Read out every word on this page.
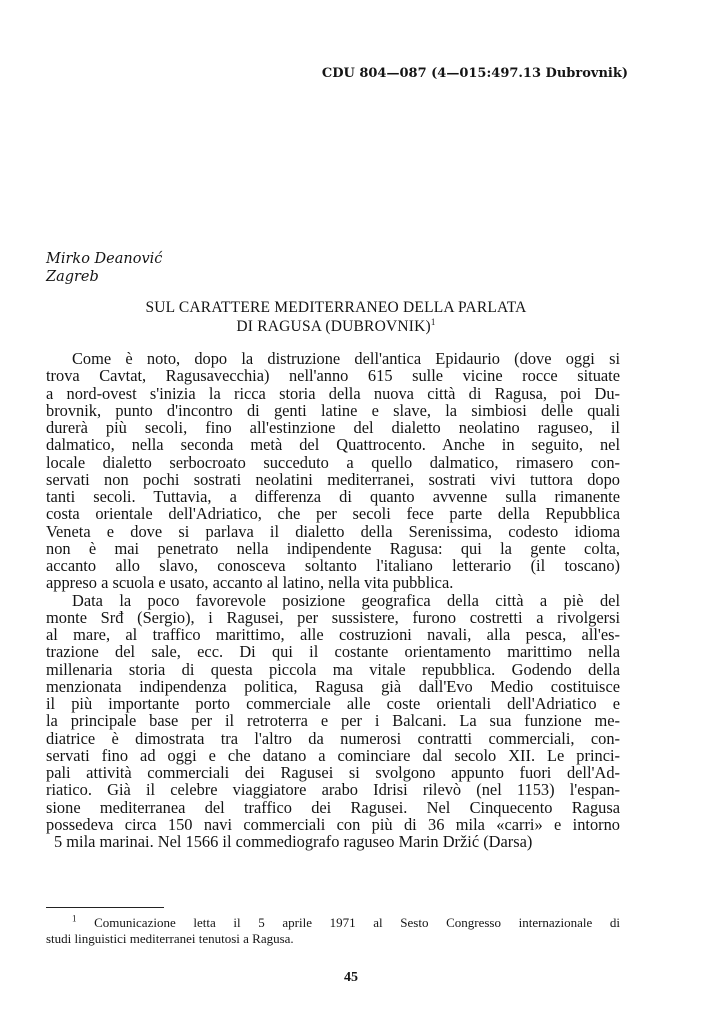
CDU 804—087 (4—015:497.13 Dubrovnik)
Mirko Deanović
Zagreb
SUL CARATTERE MEDITERRANEO DELLA PARLATA
DI RAGUSA (DUBROVNIK)$^1$
Come è noto, dopo la distruzione dell'antica Epidaurio (dove oggi si
trova Cavtat, Ragusavecchia) nell'anno 615 sulle vicine rocce situate
a nord-ovest s'inizia la ricca storia della nuova città di Ragusa, poi Du-
brovnik, punto d'incontro di genti latine e slave, la simbiosi delle quali
durerà più secoli, fino all'estinzione del dialetto neolatino raguseo, il
dalmatico, nella seconda metà del Quattrocento. Anche in seguito, nel
locale dialetto serbocroato succeduto a quello dalmatico, rimasero con-
servati non pochi sostrati neolatini mediterranei, sostrati vivi tuttora dopo
tanti secoli. Tuttavia, a differenza di quanto avvenne sulla rimanente
costa orientale dell'Adriatico, che per secoli fece parte della Repubblica
Veneta e dove si parlava il dialetto della Serenissima, codesto idioma
non è mai penetrato nella indipendente Ragusa: qui la gente colta,
accanto allo slavo, conosceva soltanto l'italiano letterario (il toscano)
appreso a scuola e usato, accanto al latino, nella vita pubblica.
Data la poco favorevole posizione geografica della città a piè del
monte Srđ (Sergio), i Ragusei, per sussistere, furono costretti a rivolgersi
al mare, al traffico marittimo, alle costruzioni navali, alla pesca, all'es-
trazione del sale, ecc. Di qui il costante orientamento marittimo nella
millenaria storia di questa piccola ma vitale repubblica. Godendo della
menzionata indipendenza politica, Ragusa già dall'Evo Medio costituisce
il più importante porto commerciale alle coste orientali dell'Adriatico e
la principale base per il retroterra e per i Balcani. La sua funzione me-
diatrice è dimostrata tra l'altro da numerosi contratti commerciali, con-
servati fino ad oggi e che datano a cominciare dal secolo XII. Le princi-
pali attività commerciali dei Ragusei si svolgono appunto fuori dell'Ad-
riatico. Già il celebre viaggiatore arabo Idrisi rilevò (nel 1153) l'espan-
sione mediterranea del traffico dei Ragusei. Nel Cinquecento Ragusa
possedeva circa 150 navi commerciali con più di 36 mila «carri» e intorno
5 mila marinai. Nel 1566 il commediografo raguseo Marin Držić (Darsa)
$^1$ Comunicazione letta il 5 aprile 1971 al Sesto Congresso internazionale di
studi linguistici mediterranei tenutosi a Ragusa.
45
